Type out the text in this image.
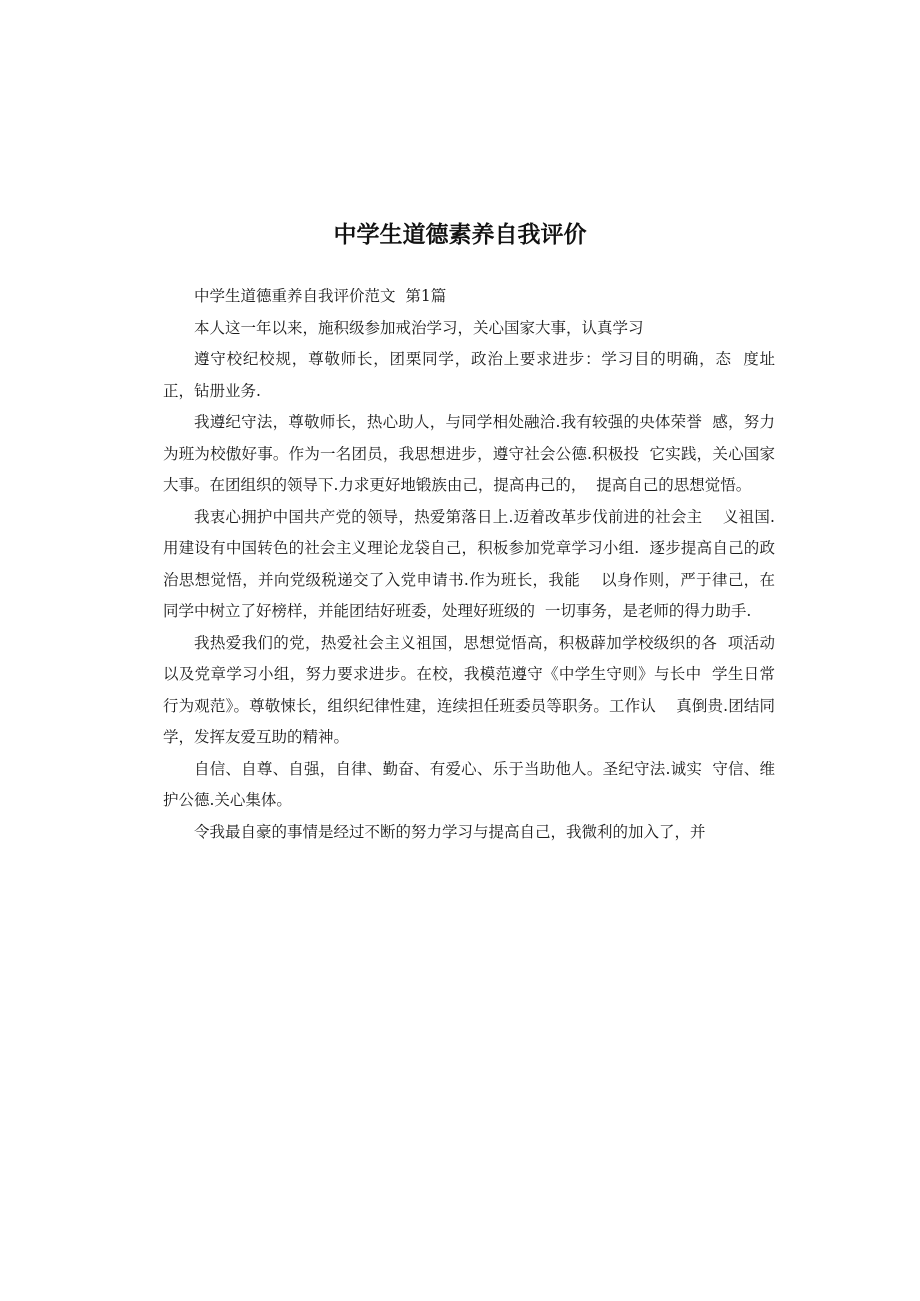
中学生道德素养自我评价

中学生道德重养自我评价范文  第1篇

本人这一年以来，施积级参加戒治学习，关心国家大事，认真学习

遵守校纪校规，尊敬师长，团栗同学，政治上要求进步：学习目的明确，态  度址正，钻册业务.

我遵纪守法，尊敬师长，热心助人，与同学相处融洽.我有较强的央体荣誉  感，努力为班为校傲好事。作为一名团员，我思想进步，遵守社会公德.积极投  它实践，关心国家大事。在团组织的领导下.力求更好地锻族由己，提高冉己的，  提高自己的思想觉悟。

我衷心拥护中国共产党的领导，热爱第落日上.迈着改革步伐前进的社会主    义祖国.用建设有中国转色的社会主义理论龙袋自己，积板参加党章学习小组.  逐步提高自己的政治思想觉悟，并向党级税递交了入党申请书.作为班长，我能    以身作则，严于律己，在同学中树立了好榜样，并能团结好班委，处理好班级的  一切事务，是老师的得力助手.

我热爱我们的党，热爱社会主义祖国，思想觉悟高，积极薜加学校级织的各  项活动以及党章学习小组，努力要求进步。在校，我模范遵守《中学生守则》与长中  学生日常行为观范》。尊敬悚长，组织纪律性建，连续担任班委员等职务。工作认    真倒贵.团结同学，发挥友爱互助的精神。

自信、自尊、自强，自律、勤奋、有爱心、乐于当助他人。圣纪守法.诚实  守信、维护公德.关心集体。

令我最自豪的事情是经过不断的努力学习与提高自己，我微利的加入了，并
